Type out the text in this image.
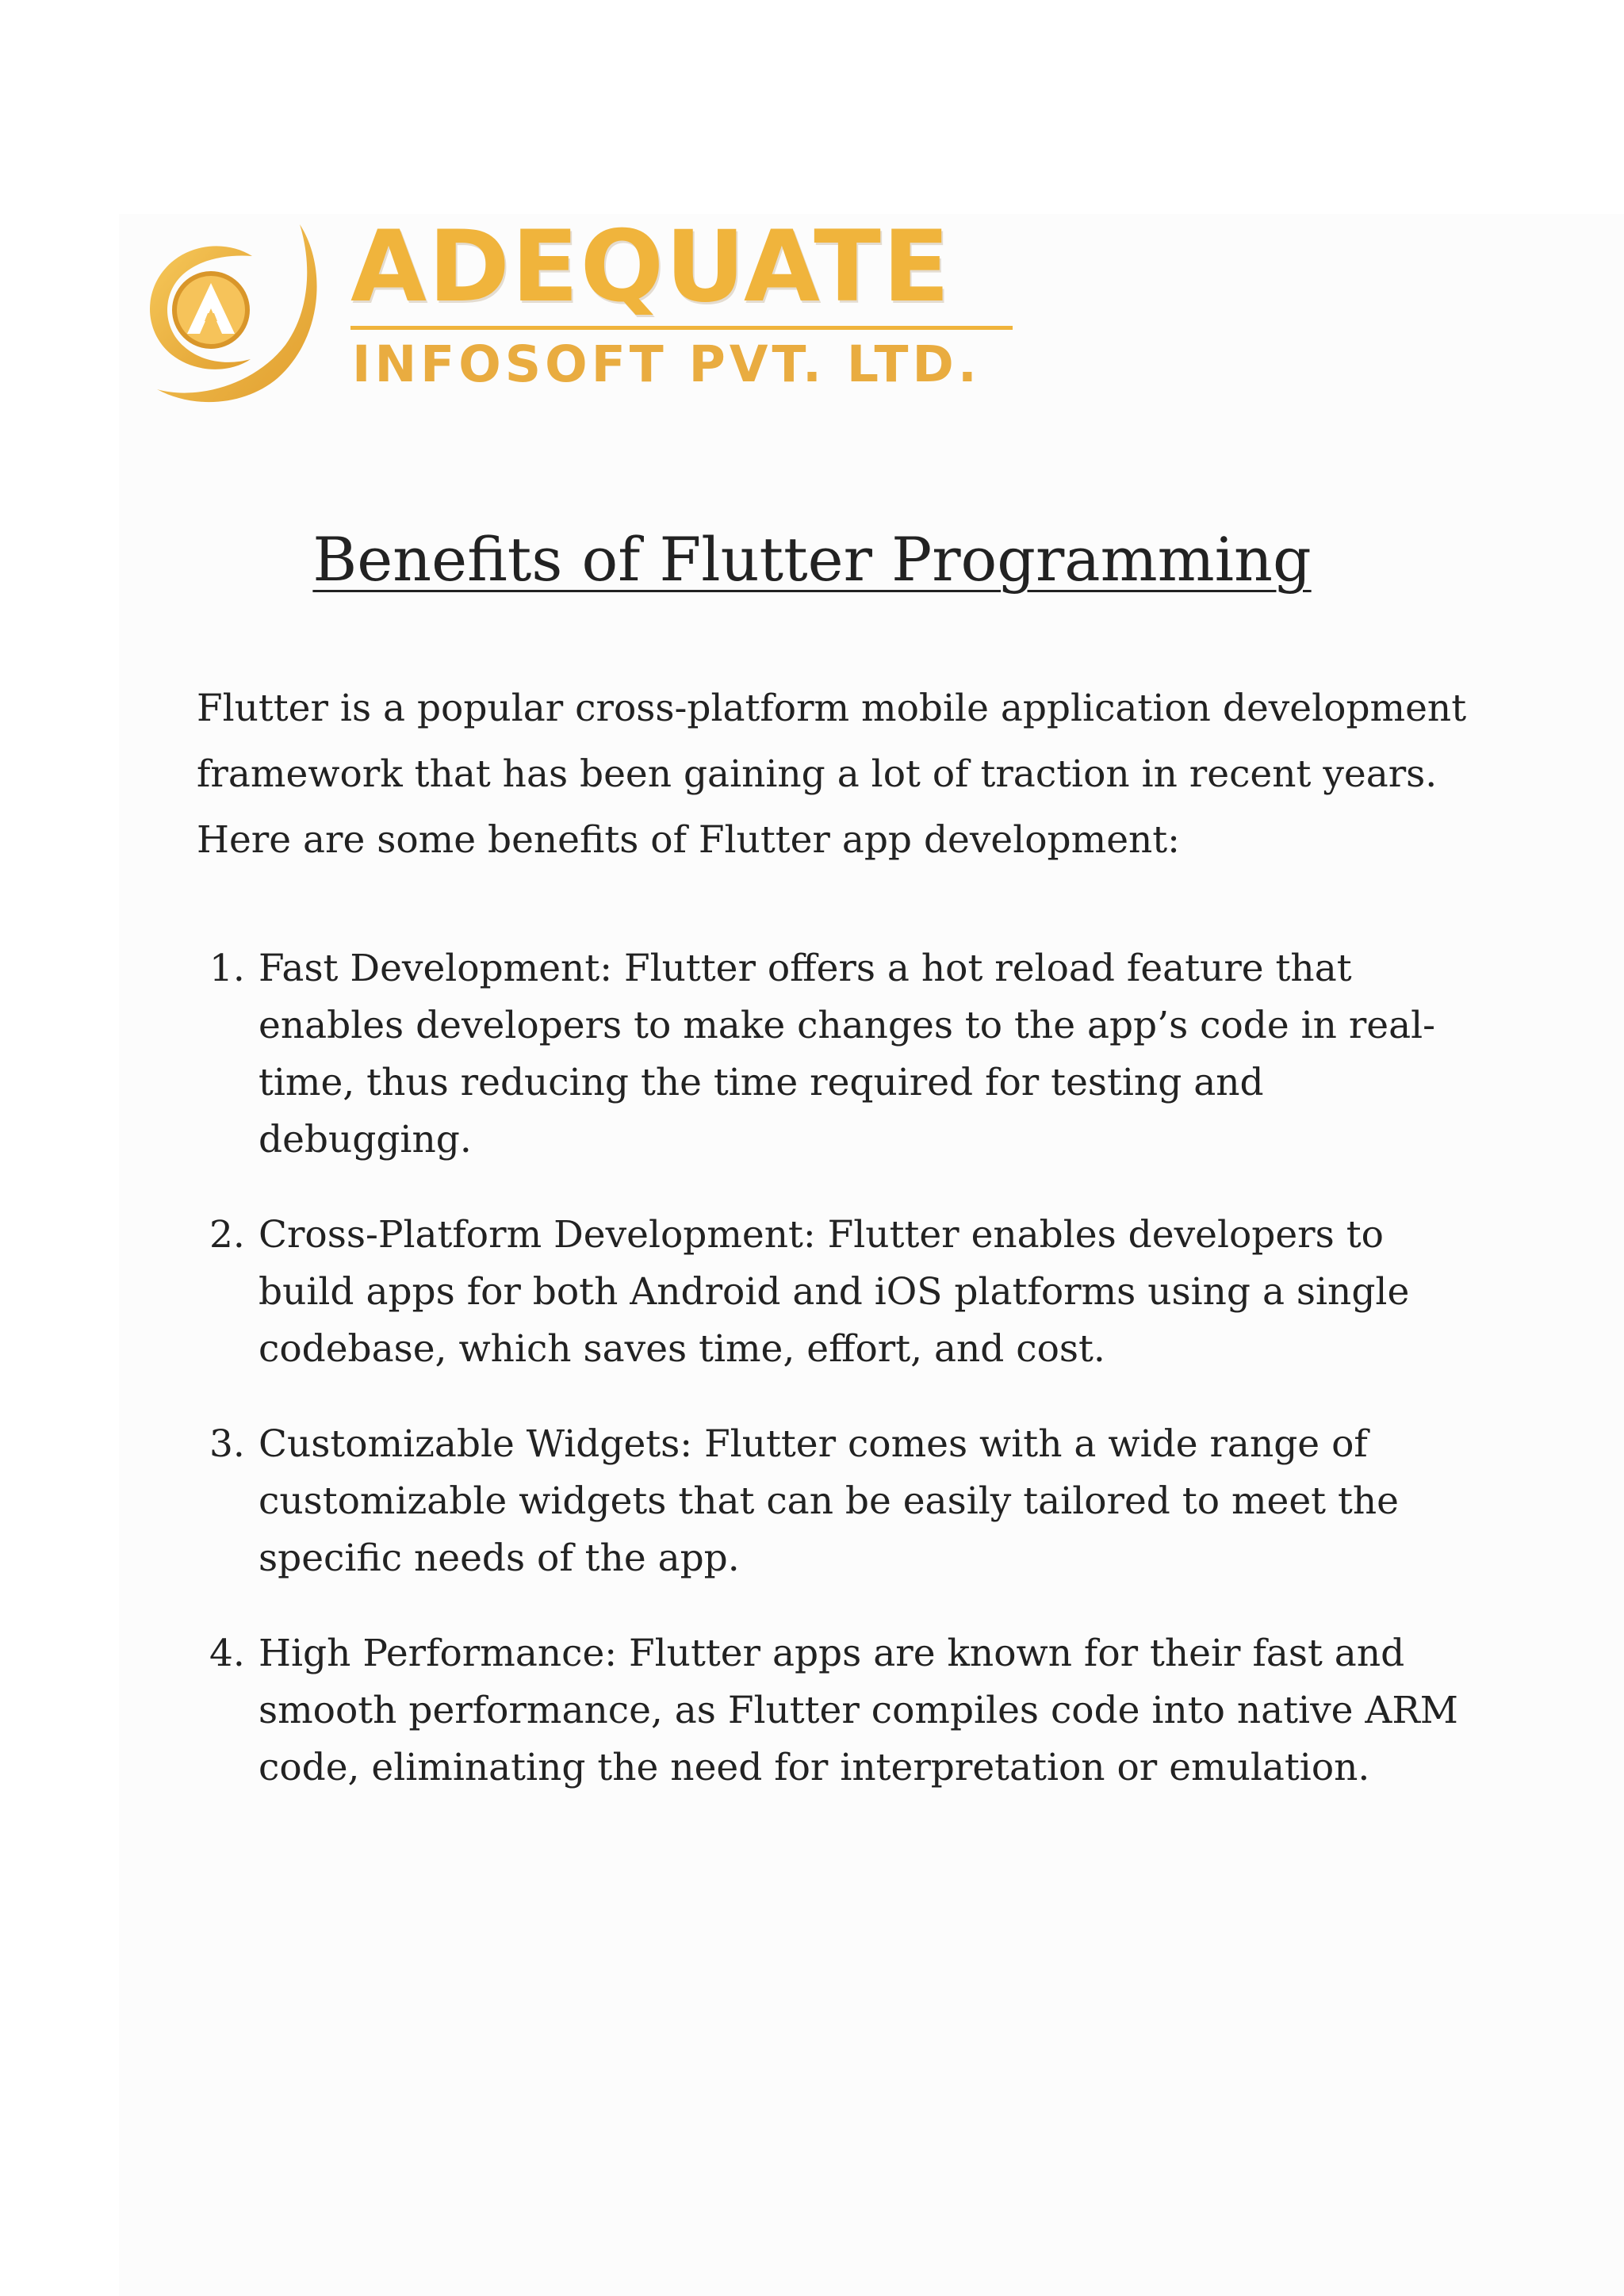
ADEQUATE
INFOSOFT PVT. LTD.
Benefits of Flutter Programming

Flutter is a popular cross-platform mobile application development framework that has been gaining a lot of traction in recent years. Here are some benefits of Flutter app development:

1. Fast Development: Flutter offers a hot reload feature that enables developers to make changes to the app’s code in real-time, thus reducing the time required for testing and debugging.
2. Cross-Platform Development: Flutter enables developers to build apps for both Android and iOS platforms using a single codebase, which saves time, effort, and cost.
3. Customizable Widgets: Flutter comes with a wide range of customizable widgets that can be easily tailored to meet the specific needs of the app.
4. High Performance: Flutter apps are known for their fast and smooth performance, as Flutter compiles code into native ARM code, eliminating the need for interpretation or emulation.
